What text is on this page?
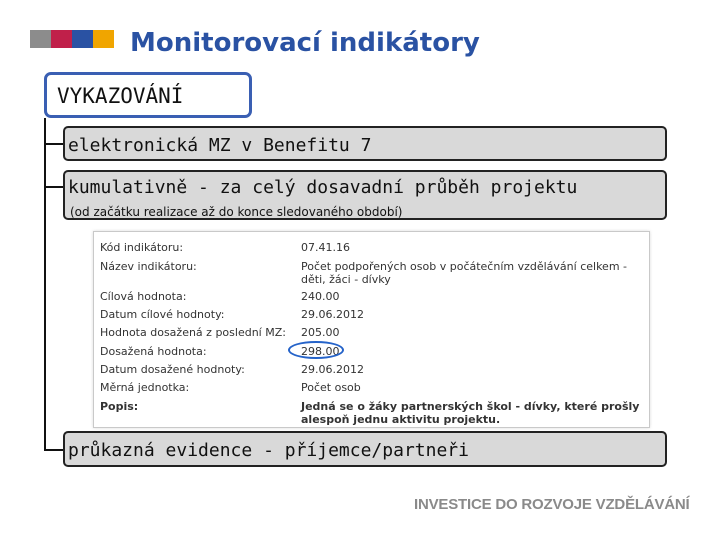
Monitorovací indikátory
VYKAZOVÁNÍ
elektronická MZ v Benefitu 7
kumulativně - za celý dosavadní průběh projektu
(od začátku realizace až do konce sledovaného období)
Kód indikátoru:	07.41.16
Název indikátoru:	Počet podpořených osob v počátečním vzdělávání celkem - děti, žáci - dívky
Cílová hodnota:	240.00
Datum cílové hodnoty:	29.06.2012
Hodnota dosažená z poslední MZ: 205.00
Dosažená hodnota:	298.00
Datum dosažené hodnoty:	29.06.2012
Měrná jednotka:	Počet osob
Popis:	Jedná se o žáky partnerských škol - dívky, které prošly alespoň jednu aktivitu projektu.
průkazná evidence - příjemce/partneři
INVESTICE DO ROZVOJE VZDĚLÁVÁNÍ
